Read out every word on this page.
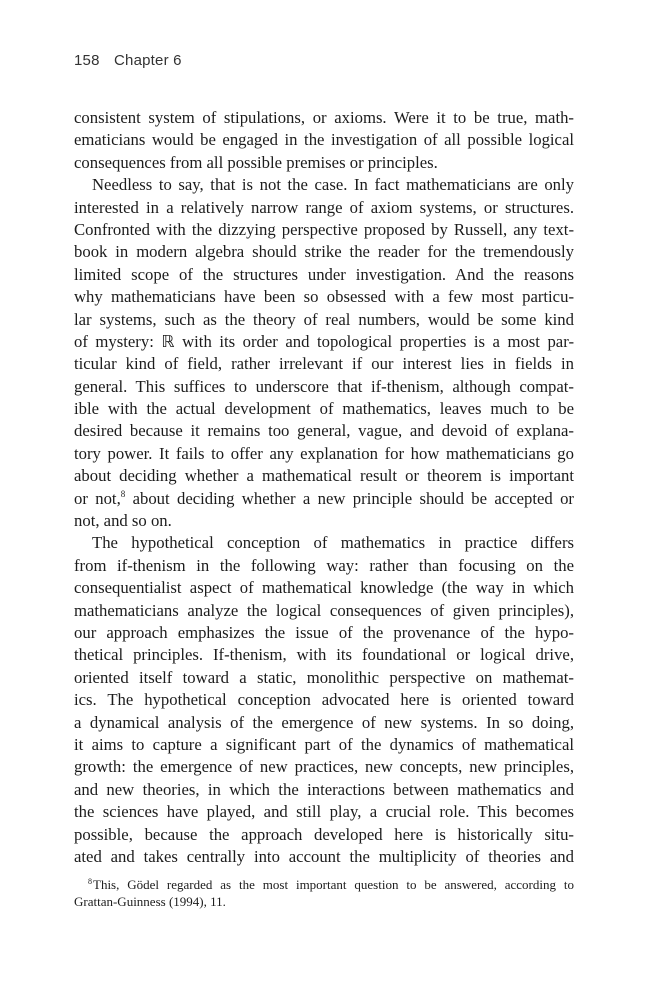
158 Chapter 6
consistent system of stipulations, or axioms. Were it to be true, math-
ematicians would be engaged in the investigation of all possible logical
consequences from all possible premises or principles.
Needless to say, that is not the case. In fact mathematicians are only
interested in a relatively narrow range of axiom systems, or structures.
Confronted with the dizzying perspective proposed by Russell, any text-
book in modern algebra should strike the reader for the tremendously
limited scope of the structures under investigation. And the reasons
why mathematicians have been so obsessed with a few most particu-
lar systems, such as the theory of real numbers, would be some kind
of mystery: ℝ with its order and topological properties is a most par-
ticular kind of field, rather irrelevant if our interest lies in fields in
general. This suffices to underscore that if-thenism, although compat-
ible with the actual development of mathematics, leaves much to be
desired because it remains too general, vague, and devoid of explana-
tory power. It fails to offer any explanation for how mathematicians go
about deciding whether a mathematical result or theorem is important
or not,$^8$ about deciding whether a new principle should be accepted or
not, and so on.
The hypothetical conception of mathematics in practice differs
from if-thenism in the following way: rather than focusing on the
consequentialist aspect of mathematical knowledge (the way in which
mathematicians analyze the logical consequences of given principles),
our approach emphasizes the issue of the provenance of the hypo-
thetical principles. If-thenism, with its foundational or logical drive,
oriented itself toward a static, monolithic perspective on mathemat-
ics. The hypothetical conception advocated here is oriented toward
a dynamical analysis of the emergence of new systems. In so doing,
it aims to capture a significant part of the dynamics of mathematical
growth: the emergence of new practices, new concepts, new principles,
and new theories, in which the interactions between mathematics and
the sciences have played, and still play, a crucial role. This becomes
possible, because the approach developed here is historically situ-
ated and takes centrally into account the multiplicity of theories and
$^8$This, Gödel regarded as the most important question to be answered, according to
Grattan-Guinness (1994), 11.
